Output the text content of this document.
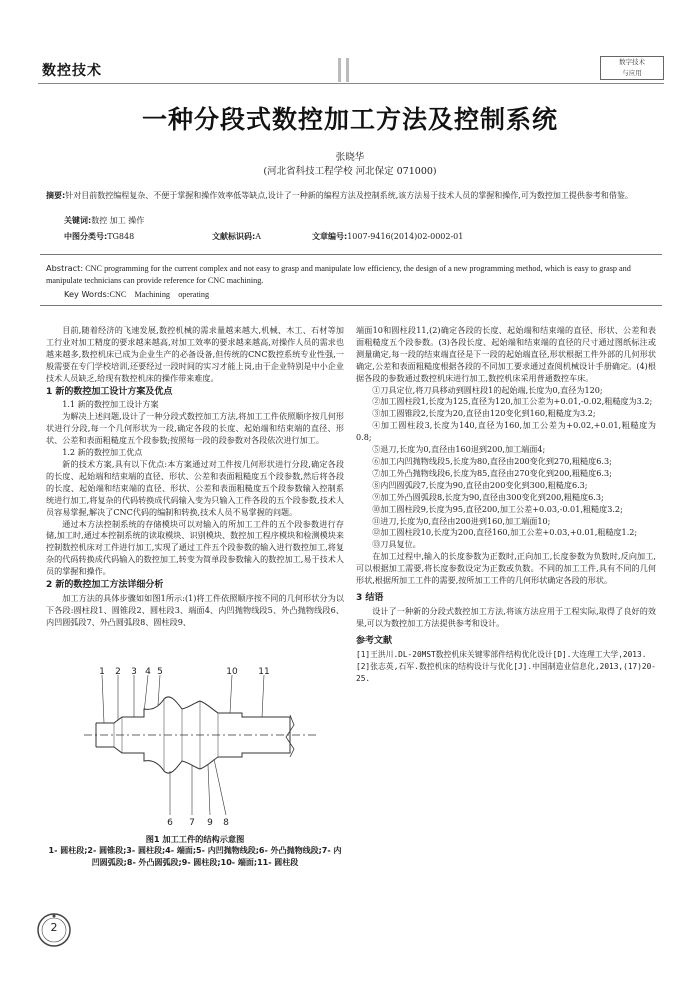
数控技术
数字技术
与应用
一种分段式数控加工方法及控制系统
张晓华
(河北省科技工程学校 河北保定 071000)
摘要:针对目前数控编程复杂、不便于掌握和操作效率低等缺点,设计了一种新的编程方法及控制系统,该方法易于技术人员的掌握和操作,可为数控加工提供参考和借鉴。
关键词:数控 加工 操作
中图分类号: TG848	文献标识码: A	文章编号: 1007-9416(2014)02-0002-01
Abstract: CNC programming for the current complex and not easy to grasp and manipulate low efficiency, the design of a new programming method, which is easy to grasp and manipulate technicians can provide reference for CNC machining.
Key Words:CNC　Machining　operating

目前,随着经济的飞速发展,数控机械的需求量越来越大,机械、木工、石材等加工行业对加工精度的要求越来越高,对加工效率的要求越来越高,对操作人员的需求也越来越多,数控机床已成为企业生产的必备设备,但传统的CNC数控系统专业性强,一般需要在专门学校培训,还要经过一段时间的实习才能上岗,由于企业特别是中小企业技术人员缺乏,给现有数控机床的操作带来难度。

1 新的数控加工设计方案及优点

1.1 新的数控加工设计方案

为解决上述问题,设计了一种分段式数控加工方法,将加工工件依照顺序按几何形状进行分段,每一个几何形状为一段,确定各段的长度、起始端和结束端的直径、形状、公差和表面粗糙度五个段参数;按照每一段的段参数对各段依次进行加工。

1.2 新的数控加工优点

新的技术方案,具有以下优点:本方案通过对工件按几何形状进行分段,确定各段的长度、起始端和结束端的直径、形状、公差和表面粗糙度五个段参数,然后将各段的长度、起始端和结束端的直径、形状、公差和表面粗糙度五个段参数输入控制系统进行加工,将复杂的代码转换成代码输入变为只输入工件各段的五个段参数,技术人员容易掌握,解决了CNC代码的编制和转换,技术人员不易掌握的问题。

通过本方法控制系统的存储模块可以对输入的所加工工件的五个段参数进行存储,加工时,通过本控制系统的读取模块、识别模块、数控加工程序模块和检测模块来控制数控机床对工件进行加工,实现了通过工件五个段参数的输入进行数控加工,将复杂的代码转换成代码输入的数控加工,转变为简单段参数输入的数控加工,易于技术人员的掌握和操作。

2 新的数控加工方法详细分析

加工方法的具体步骤如如图1所示:(1)将工件依照顺序按不同的几何形状分为以下各段:圆柱段1、圆锥段2、圆柱段3、端面4、内凹抛物线段5、外凸抛物线段6、内凹圆弧段7、外凸圆弧段8、圆柱段9、

1 2 3 4 5
6 7	8
9
10 11
图1 加工工件的结构示意图
1- 圆柱段;2- 圆锥段;3- 圆柱段;4- 端面;5- 内凹抛物线段;6- 外凸抛物线段;7- 内凹圆弧段;8- 外凸圆弧段;9- 圆柱段;10- 端面;11- 圆柱段

端面10和圆柱段11,(2)确定各段的长度、起始端和结束端的直径、形状、公差和表面粗糙度五个段参数。(3)各段长度、起始端和结束端的直径的尺寸通过图纸标注或测量确定,每一段的结束端直径是下一段的起始端直径,形状根据工件外部的几何形状确定,公差和表面粗糙度根据各段的不同加工要求通过查阅机械设计手册确定。(4)根据各段的参数通过数控机床进行加工,数控机床采用普通数控车床。

①刀具定位,将刀具移动到圆柱段1的起始端,长度为0,直径为120;

②加工圆柱段1,长度为125,直径为120,加工公差为+0.01,-0.02,粗糙度为3.2;

③加工圆锥段2,长度为20,直径由120变化到160,粗糙度为3.2;

④加工圆柱段3,长度为140,直径为160,加工公差为+0.02,+0.01,粗糙度为0.8;

⑤退刀,长度为0,直径由160退到200,加工端面4;

⑥加工内凹抛物线段5,长度为80,直径由200变化到270,粗糙度6.3;

⑦加工外凸抛物线段6,长度为85,直径由270变化到200,粗糙度6.3;

⑧内凹圆弧段7,长度为90,直径由200变化到300,粗糙度6.3;

⑨加工外凸圆弧段8,长度为90,直径由300变化到200,粗糙度6.3;

⑩加工圆柱段9,长度为95,直径200,加工公差+0.03,-0.01,粗糙度3.2;

⑪进刀,长度为0,直径由200进到160,加工端面10;

⑫加工圆柱段10,长度为200,直径160,加工公差+0.03,+0.01,粗糙度1.2;

⑬刀具复位。

在加工过程中,输入的长度参数为正数时,正向加工,长度参数为负数时,反向加工,可以根据加工需要,将长度参数设定为正数或负数。不同的加工工件,具有不同的几何形状,根据所加工工件的需要,按所加工工件的几何形状确定各段的形状。

3 结语

设计了一种新的分段式数控加工方法,将该方法应用于工程实际,取得了良好的效果,可以为数控加工方法提供参考和设计。

参考文献

[1]王洪川.DL-20MST数控机床关键零部件结构优化设计[D].大连理工大学,2013.

[2]张志英,石军.数控机床的结构设计与优化[J].中国制造业信息化,2013,(17)20-25.

2
